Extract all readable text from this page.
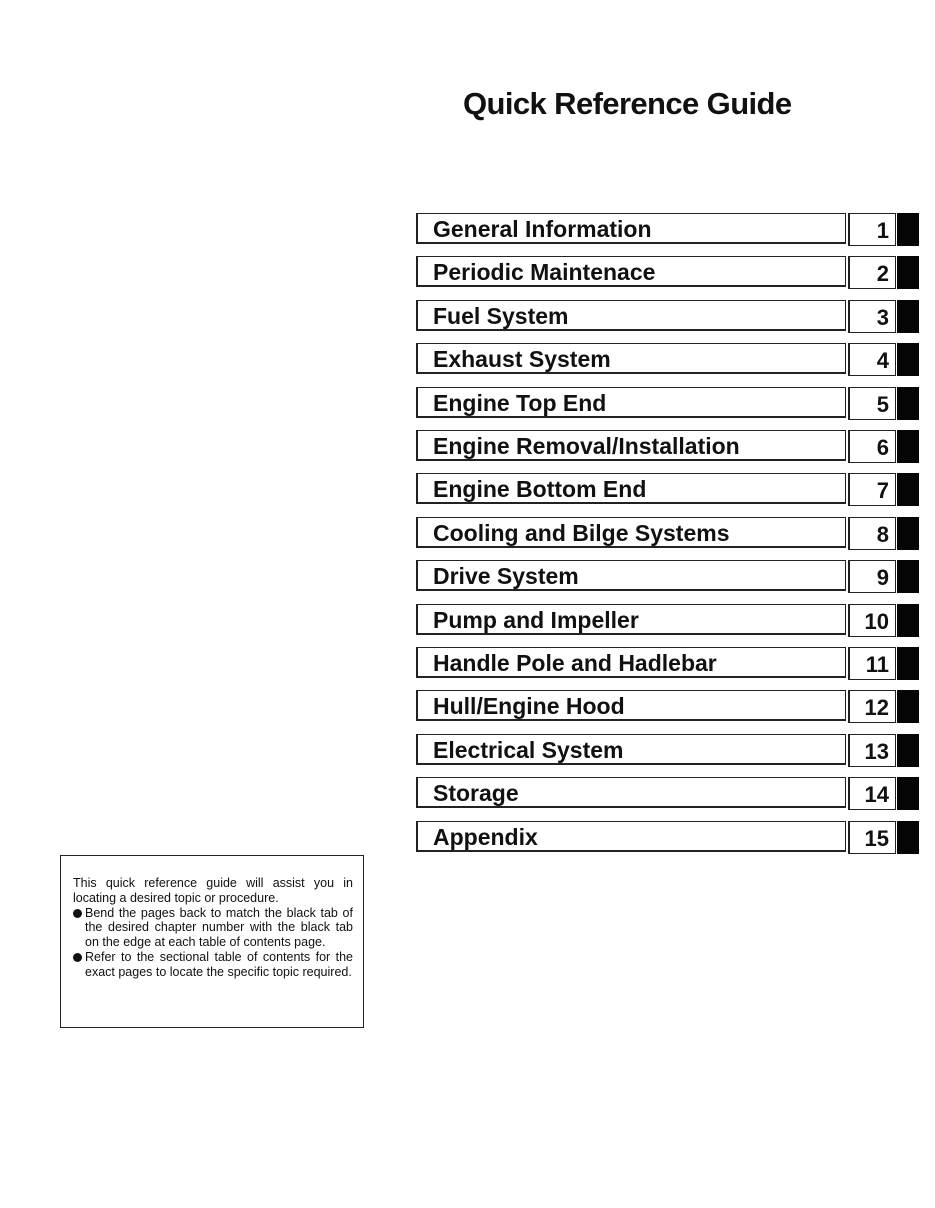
Quick Reference Guide
General Information	1
Periodic Maintenace	2
Fuel System	3
Exhaust System	4
Engine Top End	5
Engine Removal/Installation	6
Engine Bottom End	7
Cooling and Bilge Systems	8
Drive System	9
Pump and Impeller	10
Handle Pole and Hadlebar	11
Hull/Engine Hood	12
Electrical System	13
Storage	14
Appendix	15

This quick reference guide will assist you in locating a desired topic or procedure.

Bend the pages back to match the black tab of the desired chapter number with the black tab on the edge at each table of contents page.
Refer to the sectional table of contents for the exact pages to locate the specific topic required.
